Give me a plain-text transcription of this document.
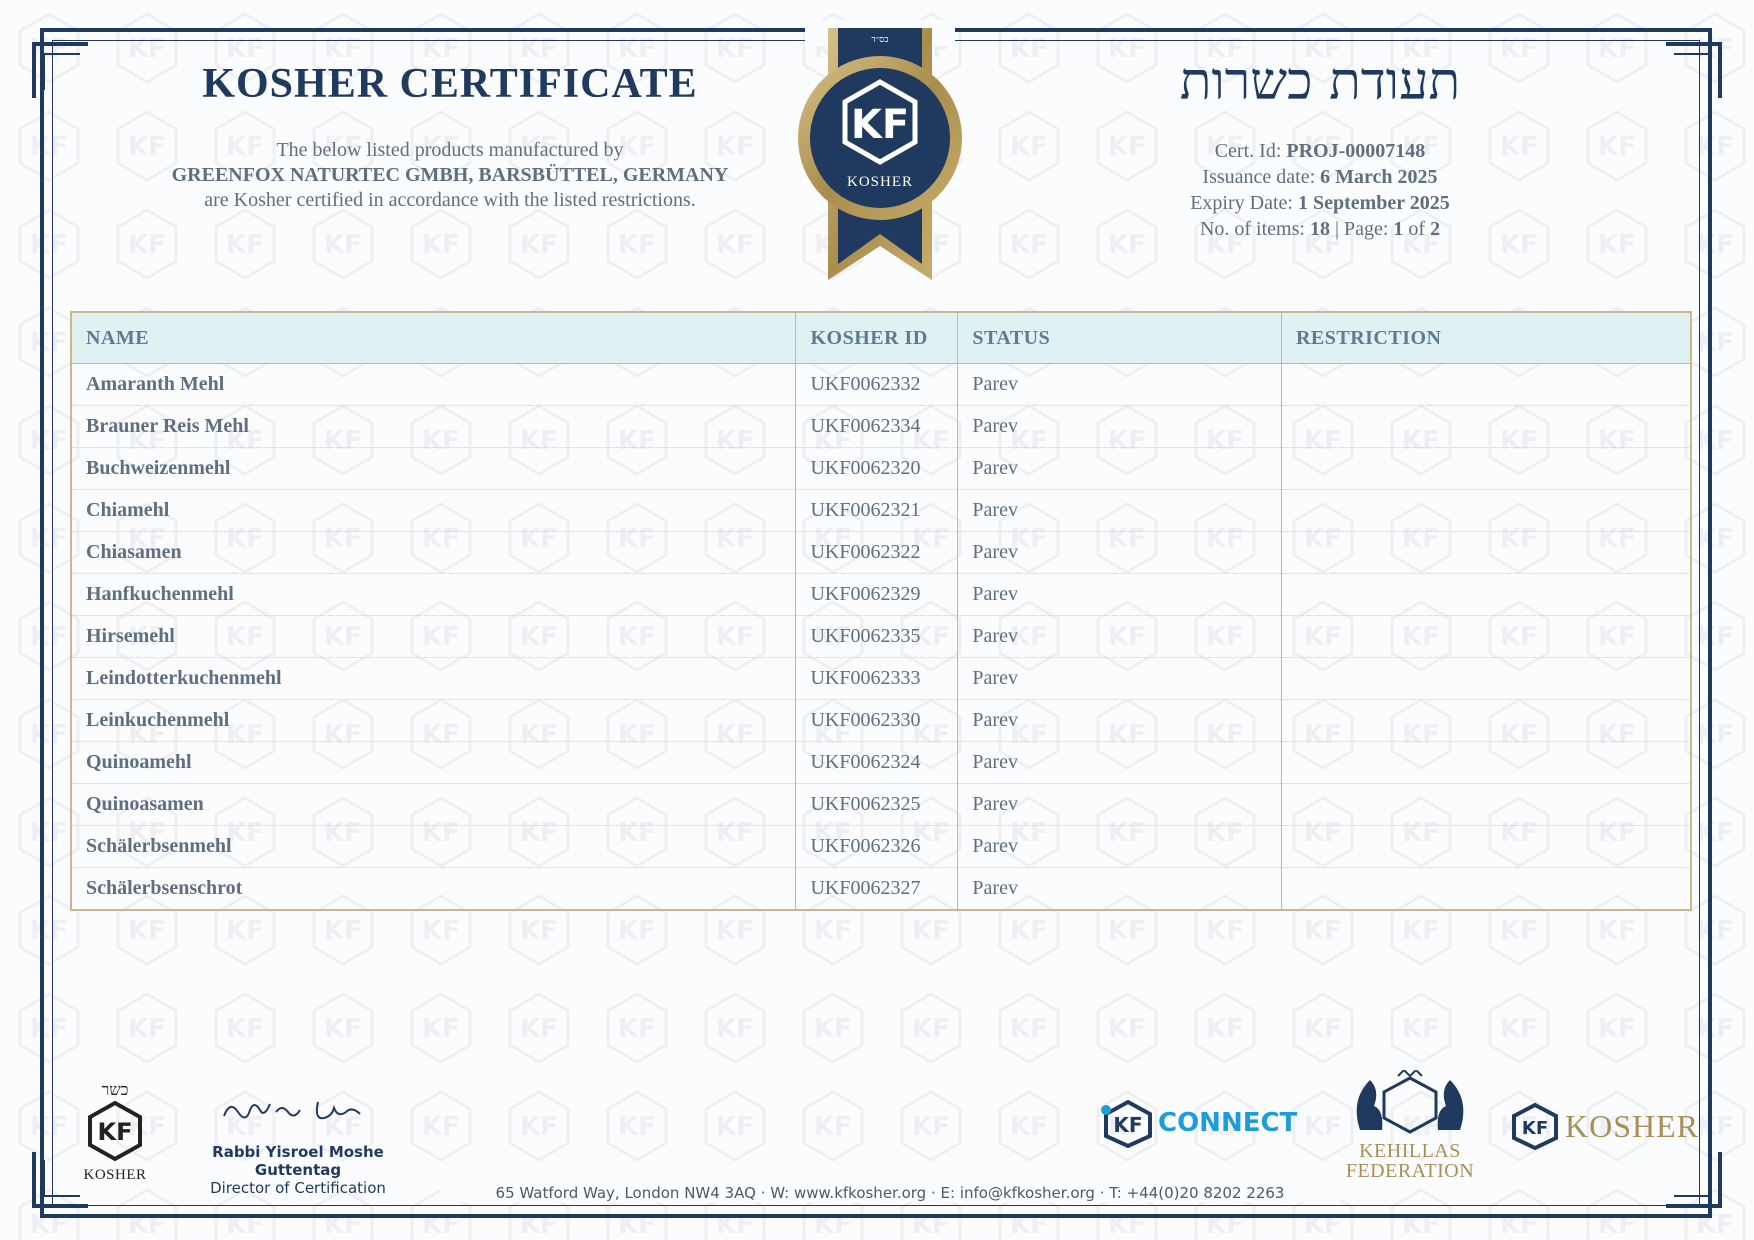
KOSHER CERTIFICATE
The below listed products manufactured by
GREENFOX NATURTEC GMBH, BARSBÜTTEL, GERMANY
are Kosher certified in accordance with the listed restrictions.
KF
KOSHER
בס״ד
תעודת כשרות
Cert. Id: PROJ-00007148
Issuance date: 6 March 2025
Expiry Date: 1 September 2025
No. of items: 18 | Page: 1 of 2
NAME	KOSHER ID	STATUS	RESTRICTION
Amaranth Mehl	UKF0062332	Parev	
Brauner Reis Mehl	UKF0062334	Parev	
Buchweizenmehl	UKF0062320	Parev	
Chiamehl	UKF0062321	Parev	
Chiasamen	UKF0062322	Parev	
Hanfkuchenmehl	UKF0062329	Parev	
Hirsemehl	UKF0062335	Parev	
Leindotterkuchenmehl	UKF0062333	Parev	
Leinkuchenmehl	UKF0062330	Parev	
Quinoamehl	UKF0062324	Parev	
Quinoasamen	UKF0062325	Parev	
Schälerbsenmehl	UKF0062326	Parev	
Schälerbsenschrot	UKF0062327	Parev	
כשר
KF
KOSHER
Rabbi Yisroel Moshe Guttentag
Director of Certification
KF CONNECT
KEHILLAS
FEDERATION
KF KOSHER
65 Watford Way, London NW4 3AQ · W: www.kfkosher.org · E: info@kfkosher.org · T: +44(0)20 8202 2263
